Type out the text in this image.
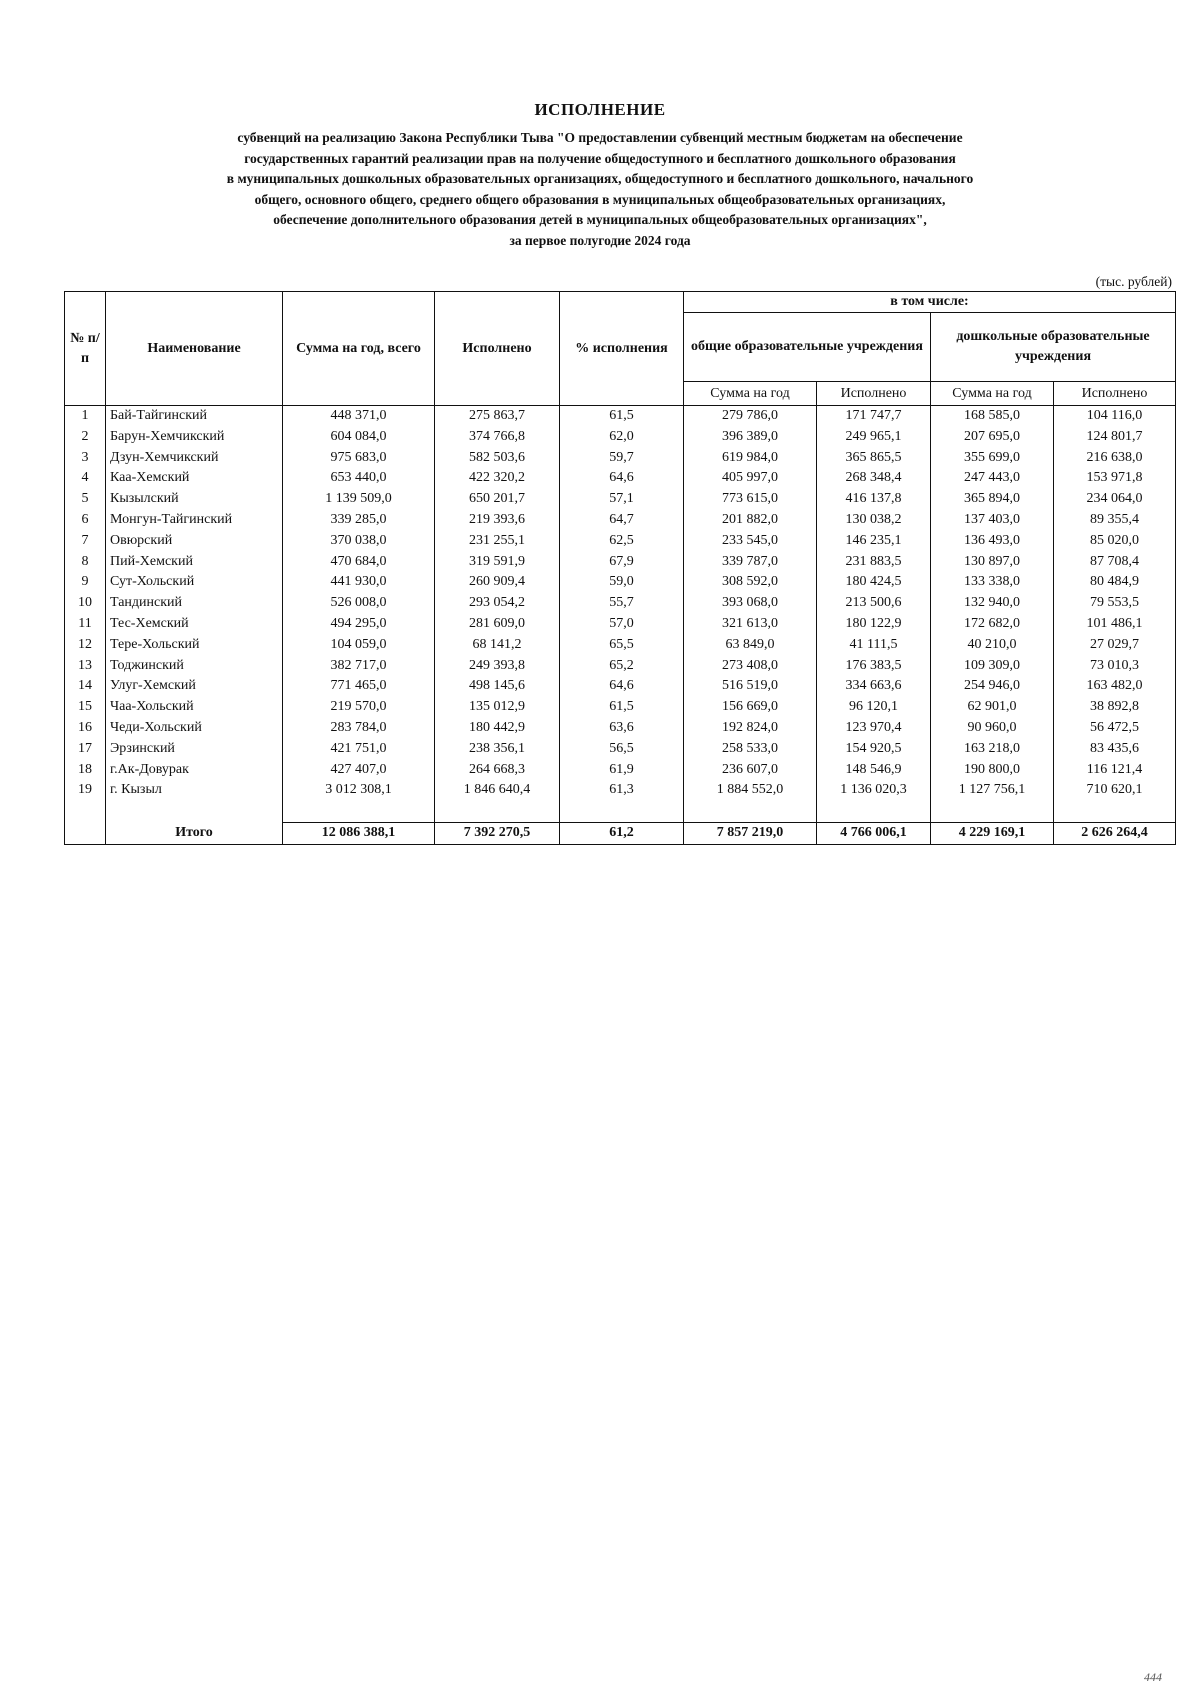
ИСПОЛНЕНИЕ
субвенций на реализацию Закона Республики Тыва "О предоставлении субвенций местным бюджетам на обеспечение
государственных гарантий реализации прав на получение общедоступного и бесплатного дошкольного образования
в муниципальных дошкольных образовательных организациях, общедоступного и бесплатного дошкольного, начального
общего, основного общего, среднего общего образования в муниципальных общеобразовательных организациях,
обеспечение дополнительного образования детей в муниципальных общеобразовательных организациях",
за первое полугодие 2024 года
(тыс. рублей)
№ п/п	Наименование	Сумма на год, всего	Исполнено	% исполнения	в том числе:			
					общие образовательные учреждения		дошкольные образовательные учреждения	
					Сумма на год	Исполнено	Сумма на год	Исполнено
1	Бай-Тайгинский	448 371,0	275 863,7	61,5	279 786,0	171 747,7	168 585,0	104 116,0
2	Барун-Хемчикский	604 084,0	374 766,8	62,0	396 389,0	249 965,1	207 695,0	124 801,7
3	Дзун-Хемчикский	975 683,0	582 503,6	59,7	619 984,0	365 865,5	355 699,0	216 638,0
4	Каа-Хемский	653 440,0	422 320,2	64,6	405 997,0	268 348,4	247 443,0	153 971,8
5	Кызылский	1 139 509,0	650 201,7	57,1	773 615,0	416 137,8	365 894,0	234 064,0
6	Монгун-Тайгинский	339 285,0	219 393,6	64,7	201 882,0	130 038,2	137 403,0	89 355,4
7	Овюрский	370 038,0	231 255,1	62,5	233 545,0	146 235,1	136 493,0	85 020,0
8	Пий-Хемский	470 684,0	319 591,9	67,9	339 787,0	231 883,5	130 897,0	87 708,4
9	Сут-Хольский	441 930,0	260 909,4	59,0	308 592,0	180 424,5	133 338,0	80 484,9
10	Тандинский	526 008,0	293 054,2	55,7	393 068,0	213 500,6	132 940,0	79 553,5
11	Тес-Хемский	494 295,0	281 609,0	57,0	321 613,0	180 122,9	172 682,0	101 486,1
12	Тере-Хольский	104 059,0	68 141,2	65,5	63 849,0	41 111,5	40 210,0	27 029,7
13	Тоджинский	382 717,0	249 393,8	65,2	273 408,0	176 383,5	109 309,0	73 010,3
14	Улуг-Хемский	771 465,0	498 145,6	64,6	516 519,0	334 663,6	254 946,0	163 482,0
15	Чаа-Хольский	219 570,0	135 012,9	61,5	156 669,0	96 120,1	62 901,0	38 892,8
16	Чеди-Хольский	283 784,0	180 442,9	63,6	192 824,0	123 970,4	90 960,0	56 472,5
17	Эрзинский	421 751,0	238 356,1	56,5	258 533,0	154 920,5	163 218,0	83 435,6
18	г.Ак-Довурак	427 407,0	264 668,3	61,9	236 607,0	148 546,9	190 800,0	116 121,4
19	г. Кызыл	3 012 308,1	1 846 640,4	61,3	1 884 552,0	1 136 020,3	1 127 756,1	710 620,1

	Итого	12 086 388,1	7 392 270,5	61,2	7 857 219,0	4 766 006,1	4 229 169,1	2 626 264,4
444
